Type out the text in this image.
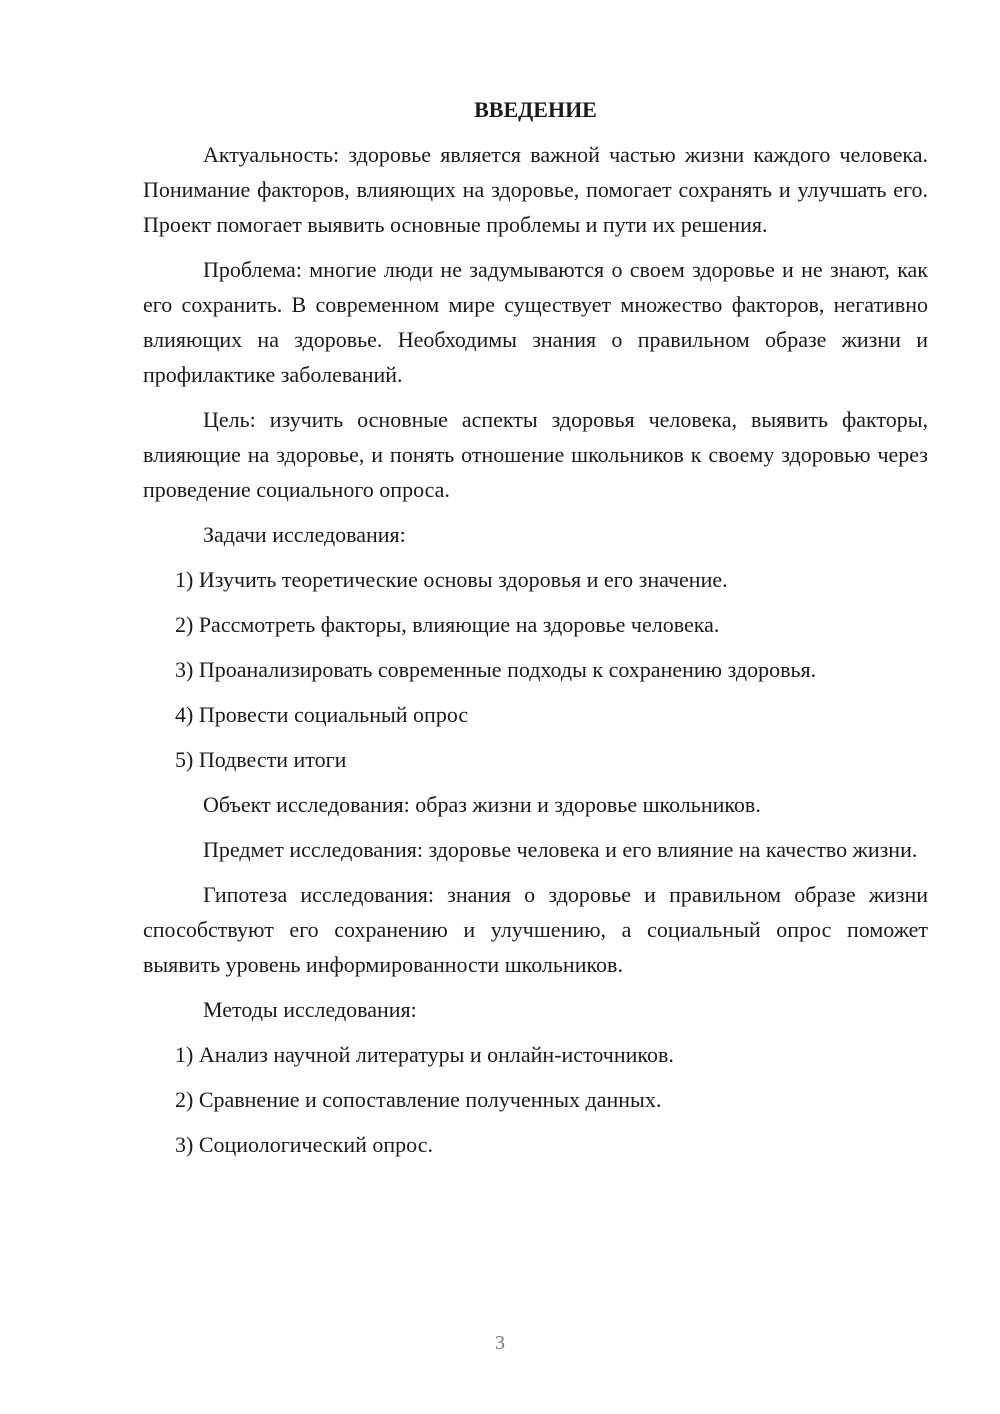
ВВЕДЕНИЕ

Актуальность: здоровье является важной частью жизни каждого человека. Понимание факторов, влияющих на здоровье, помогает сохранять и улучшать его. Проект помогает выявить основные проблемы и пути их решения.

Проблема: многие люди не задумываются о своем здоровье и не знают, как его сохранить. В современном мире существует множество факторов, негативно влияющих на здоровье. Необходимы знания о правильном образе жизни и профилактике заболеваний.

Цель: изучить основные аспекты здоровья человека, выявить факторы, влияющие на здоровье, и понять отношение школьников к своему здоровью через проведение социального опроса.

Задачи исследования:

1) Изучить теоретические основы здоровья и его значение.
2) Рассмотреть факторы, влияющие на здоровье человека.
3) Проанализировать современные подходы к сохранению здоровья.
4) Провести социальный опрос
5) Подвести итоги

Объект исследования: образ жизни и здоровье школьников.

Предмет исследования: здоровье человека и его влияние на качество жизни.

Гипотеза исследования: знания о здоровье и правильном образе жизни способствуют его сохранению и улучшению, а социальный опрос поможет выявить уровень информированности школьников.

Методы исследования:

1) Анализ научной литературы и онлайн-источников.
2) Сравнение и сопоставление полученных данных.
3) Социологический опрос.
3
